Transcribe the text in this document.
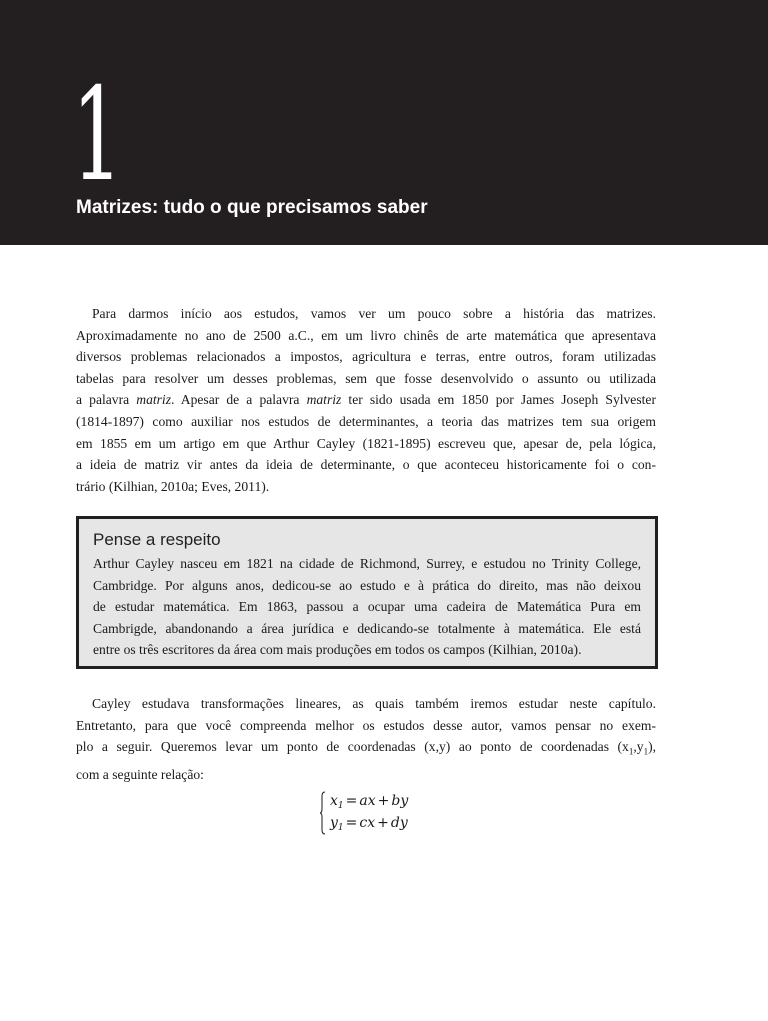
1
Matrizes: tudo o que precisamos saber
Para darmos início aos estudos, vamos ver um pouco sobre a história das matrizes.
Aproximadamente no ano de 2500 a.C., em um livro chinês de arte matemática que apresentava
diversos problemas relacionados a impostos, agricultura e terras, entre outros, foram utilizadas
tabelas para resolver um desses problemas, sem que fosse desenvolvido o assunto ou utilizada
a palavra matriz. Apesar de a palavra matriz ter sido usada em 1850 por James Joseph Sylvester
(1814-1897) como auxiliar nos estudos de determinantes, a teoria das matrizes tem sua origem
em 1855 em um artigo em que Arthur Cayley (1821-1895) escreveu que, apesar de, pela lógica,
a ideia de matriz vir antes da ideia de determinante, o que aconteceu historicamente foi o con-
trário (Kilhian, 2010a; Eves, 2011).
Pense a respeito
Arthur Cayley nasceu em 1821 na cidade de Richmond, Surrey, e estudou no Trinity College,
Cambridge. Por alguns anos, dedicou-se ao estudo e à prática do direito, mas não deixou
de estudar matemática. Em 1863, passou a ocupar uma cadeira de Matemática Pura em
Cambrigde, abandonando a área jurídica e dedicando-se totalmente à matemática. Ele está
entre os três escritores da área com mais produções em todos os campos (Kilhian, 2010a).
Cayley estudava transformações lineares, as quais também iremos estudar neste capítulo.
Entretanto, para que você compreenda melhor os estudos desse autor, vamos pensar no exem-
plo a seguir. Queremos levar um ponto de coordenadas (x,y) ao ponto de coordenadas $(x_1,y_1)$,
com a seguinte relação:
$x_1$ = ax + by
$y_1$ = cx + dy
